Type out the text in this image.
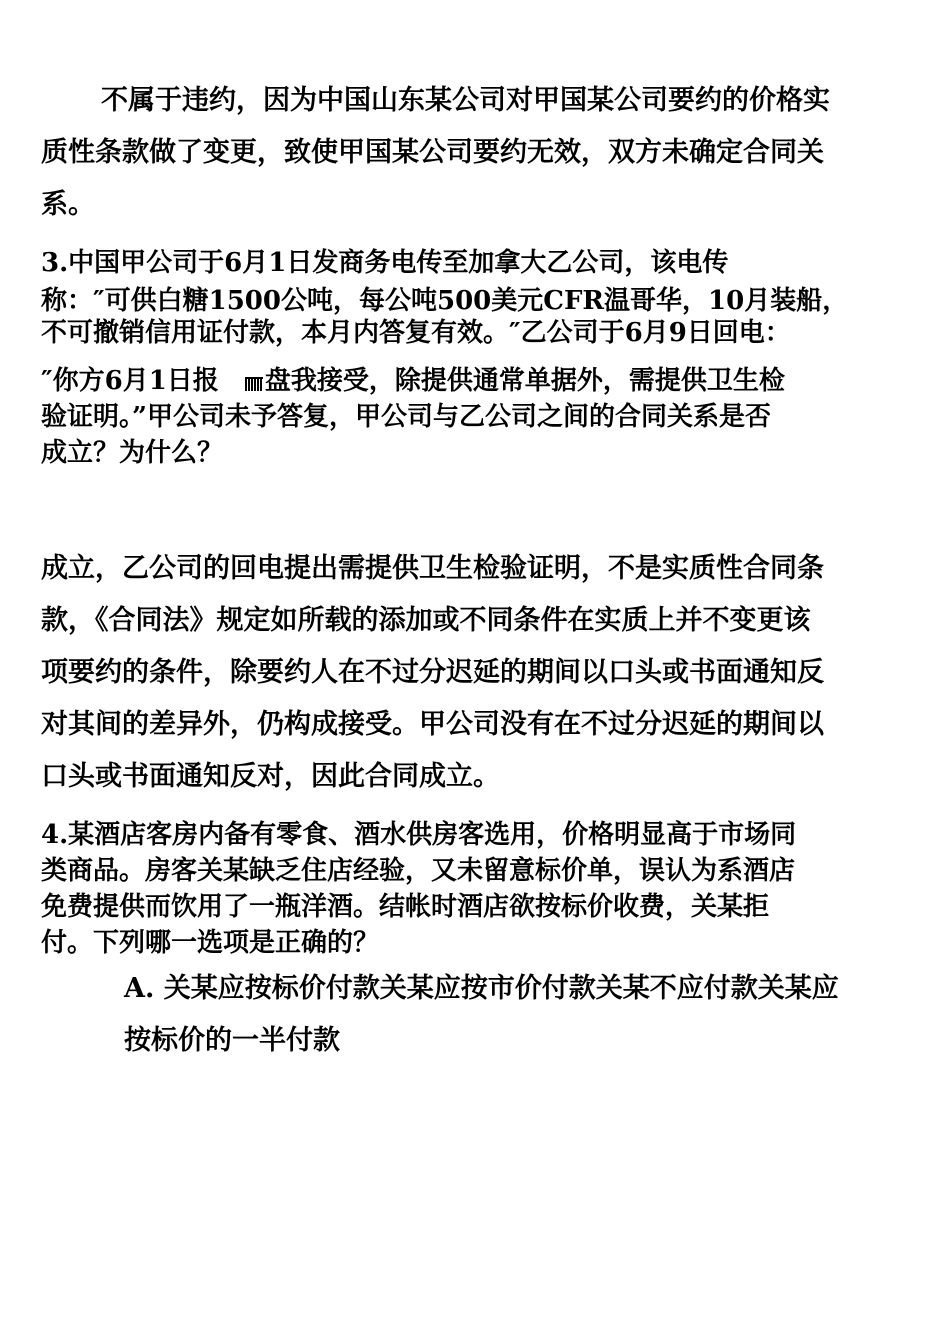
不属于违约，因为中国山东某公司对甲国某公司要约的价格实
质性条款做了变更，致使甲国某公司要约无效，双方未确定合同关
系。
3.中国甲公司于6月1日发商务电传至加拿大乙公司，该电传
称：″可供白糖1500公吨，每公吨500美元CFR温哥华，10月装船，
不可撤销信用证付款，本月内答复有效。″乙公司于6月9日回电：
″你方6月1日报 盘我接受，除提供通常单据外，需提供卫生检
验证明。”甲公司未予答复，甲公司与乙公司之间的合同关系是否
成立？为什么？
成立，乙公司的回电提出需提供卫生检验证明，不是实质性合同条
款，《合同法》规定如所载的添加或不同条件在实质上并不变更该
项要约的条件，除要约人在不过分迟延的期间以口头或书面通知反
对其间的差异外，仍构成接受。甲公司没有在不过分迟延的期间以
口头或书面通知反对，因此合同成立。
4.某酒店客房内备有零食、酒水供房客选用，价格明显高于市场同
类商品。房客关某缺乏住店经验，又未留意标价单，误认为系酒店
免费提供而饮用了一瓶洋酒。结帐时酒店欲按标价收费，关某拒
付。下列哪一选项是正确的？
A. 关某应按标价付款关某应按市价付款关某不应付款关某应
按标价的一半付款
